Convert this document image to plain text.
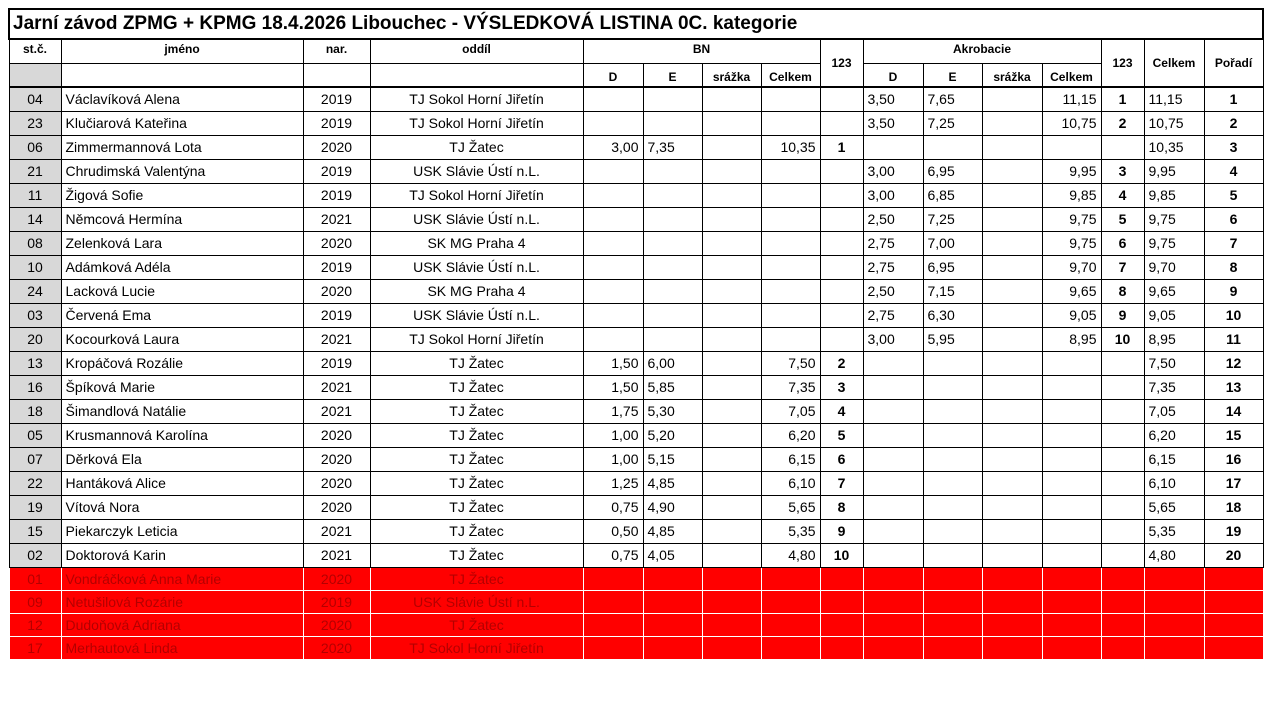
Jarní závod ZPMG + KPMG 18.4.2026 Libouchec - VÝSLEDKOVÁ LISTINA 0C. kategorie															
st.č.	jméno	nar.	oddíl	BN				123	Akrobacie				123	Celkem	Pořadí
				D	E	srážka	Celkem		D	E	srážka	Celkem			
04	Václavíková Alena	2019	TJ Sokol Horní Jiřetín						3,50	7,65		11,15	1	11,15	1
23	Klučiarová Kateřina	2019	TJ Sokol Horní Jiřetín						3,50	7,25		10,75	2	10,75	2
06	Zimmermannová Lota	2020	TJ Žatec	3,00	7,35		10,35	1						10,35	3
21	Chrudimská Valentýna	2019	USK Slávie Ústí n.L.						3,00	6,95		9,95	3	9,95	4
11	Žigová Sofie	2019	TJ Sokol Horní Jiřetín						3,00	6,85		9,85	4	9,85	5
14	Němcová Hermína	2021	USK Slávie Ústí n.L.						2,50	7,25		9,75	5	9,75	6
08	Zelenková Lara	2020	SK MG Praha 4						2,75	7,00		9,75	6	9,75	7
10	Adámková Adéla	2019	USK Slávie Ústí n.L.						2,75	6,95		9,70	7	9,70	8
24	Lacková Lucie	2020	SK MG Praha 4						2,50	7,15		9,65	8	9,65	9
03	Červená Ema	2019	USK Slávie Ústí n.L.						2,75	6,30		9,05	9	9,05	10
20	Kocourková Laura	2021	TJ Sokol Horní Jiřetín						3,00	5,95		8,95	10	8,95	11
13	Kropáčová Rozálie	2019	TJ Žatec	1,50	6,00		7,50	2						7,50	12
16	Špíková Marie	2021	TJ Žatec	1,50	5,85		7,35	3						7,35	13
18	Šimandlová Natálie	2021	TJ Žatec	1,75	5,30		7,05	4						7,05	14
05	Krusmannová Karolína	2020	TJ Žatec	1,00	5,20		6,20	5						6,20	15
07	Děrková Ela	2020	TJ Žatec	1,00	5,15		6,15	6						6,15	16
22	Hantáková Alice	2020	TJ Žatec	1,25	4,85		6,10	7						6,10	17
19	Vítová Nora	2020	TJ Žatec	0,75	4,90		5,65	8						5,65	18
15	Piekarczyk Leticia	2021	TJ Žatec	0,50	4,85		5,35	9						5,35	19
02	Doktorová Karin	2021	TJ Žatec	0,75	4,05		4,80	10						4,80	20
01	Vondráčková Anna Marie	2020	TJ Žatec												
09	Netušilová Rozárie	2019	USK Slávie Ústí n.L.												
12	Dudoňová Adriana	2020	TJ Žatec												
17	Merhautová Linda	2020	TJ Sokol Horní Jiřetín												
